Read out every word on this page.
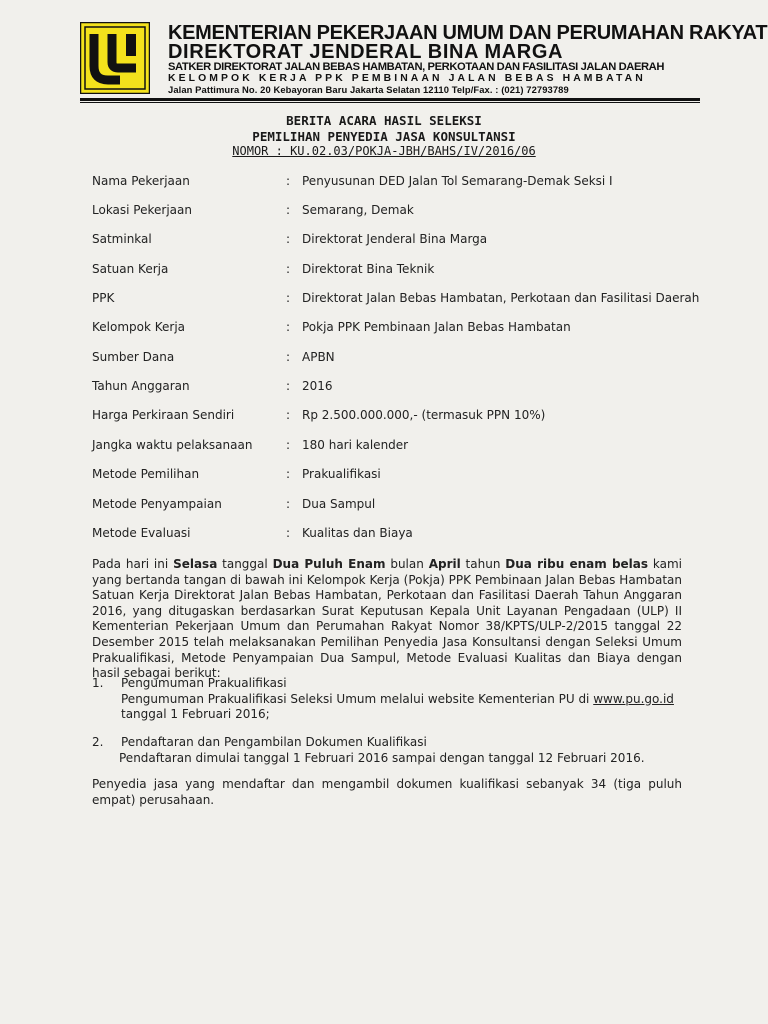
KEMENTERIAN PEKERJAAN UMUM DAN PERUMAHAN RAKYAT
DIREKTORAT JENDERAL BINA MARGA
SATKER DIREKTORAT JALAN BEBAS HAMBATAN, PERKOTAAN DAN FASILITASI JALAN DAERAH
KELOMPOK KERJA PPK PEMBINAAN JALAN BEBAS HAMBATAN
Jalan Pattimura No. 20 Kebayoran Baru Jakarta Selatan 12110 Telp/Fax. : (021) 72793789
BERITA ACARA HASIL SELEKSI
PEMILIHAN PENYEDIA JASA KONSULTANSI
NOMOR : KU.02.03/POKJA-JBH/BAHS/IV/2016/06
Nama Pekerjaan	: Penyusunan DED Jalan Tol Semarang-Demak Seksi I
Lokasi Pekerjaan	: Semarang, Demak
Satminkal	: Direktorat Jenderal Bina Marga
Satuan Kerja	: Direktorat Bina Teknik
PPK	: Direktorat Jalan Bebas Hambatan, Perkotaan dan Fasilitasi Daerah
Kelompok Kerja	: Pokja PPK Pembinaan Jalan Bebas Hambatan
Sumber Dana	: APBN
Tahun Anggaran	: 2016
Harga Perkiraan Sendiri	: Rp 2.500.000.000,- (termasuk PPN 10%)
Jangka waktu pelaksanaan	: 180 hari kalender
Metode Pemilihan	: Prakualifikasi
Metode Penyampaian	: Dua Sampul
Metode Evaluasi	: Kualitas dan Biaya
Pada hari ini Selasa tanggal Dua Puluh Enam bulan April tahun Dua ribu enam belas kami yang bertanda tangan di bawah ini Kelompok Kerja (Pokja) PPK Pembinaan Jalan Bebas Hambatan Satuan Kerja Direktorat Jalan Bebas Hambatan, Perkotaan dan Fasilitasi Daerah Tahun Anggaran 2016, yang ditugaskan berdasarkan Surat Keputusan Kepala Unit Layanan Pengadaan (ULP) II Kementerian Pekerjaan Umum dan Perumahan Rakyat Nomor 38/KPTS/ULP-2/2015 tanggal 22 Desember 2015 telah melaksanakan Pemilihan Penyedia Jasa Konsultansi dengan Seleksi Umum Prakualifikasi, Metode Penyampaian Dua Sampul, Metode Evaluasi Kualitas dan Biaya dengan hasil sebagai berikut:
1. Pengumuman Prakualifikasi
Pengumuman Prakualifikasi Seleksi Umum melalui website Kementerian PU di www.pu.go.id
tanggal 1 Februari 2016;
2. Pendaftaran dan Pengambilan Dokumen Kualifikasi
Pendaftaran dimulai tanggal 1 Februari 2016 sampai dengan tanggal 12 Februari 2016.
Penyedia jasa yang mendaftar dan mengambil dokumen kualifikasi sebanyak 34 (tiga puluh empat) perusahaan.
